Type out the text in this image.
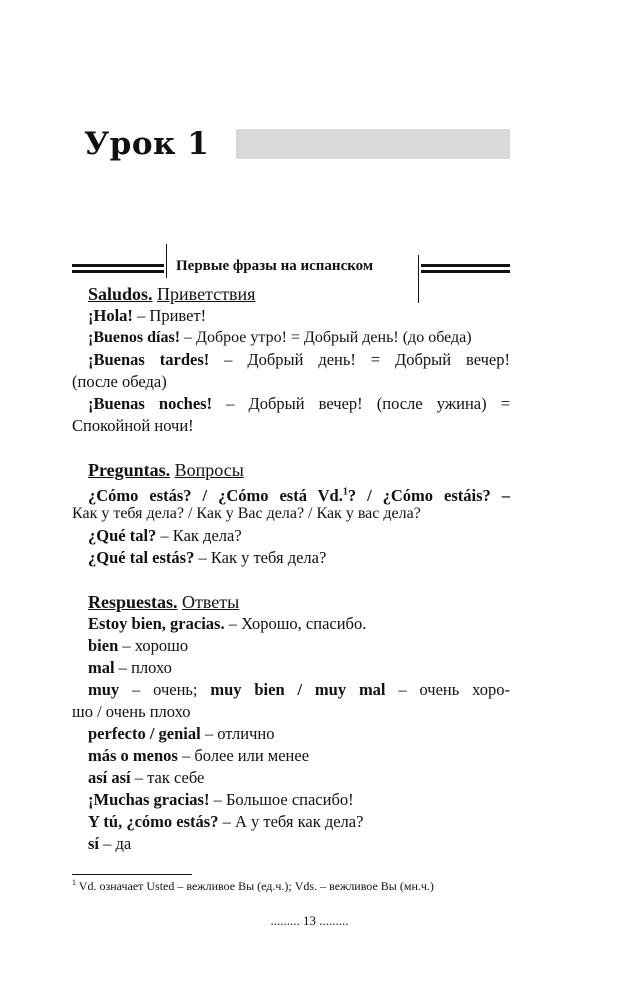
Урок 1
Первые фразы на испанском
Saludos. Приветствия
¡Hola! – Привет!
¡Buenos días! – Доброе утро! = Добрый день! (до обеда)
¡Buenas tardes! – Добрый день! = Добрый вечер!
(после обеда)
¡Buenas noches! – Добрый вечер! (после ужина) =
Спокойной ночи!
Preguntas. Вопросы
¿Cómo estás? / ¿Cómo está Vd.$^1$? / ¿Cómo estáis? –
Как у тебя дела? / Как у Вас дела? / Как у вас дела?
¿Qué tal? – Как дела?
¿Qué tal estás? – Как у тебя дела?
Respuestas. Ответы
Estoy bien, gracias. – Хорошо, спасибо.
bien – хорошо
mal – плохо
muy – очень; muy bien / muy mal – очень хоро-
шо / очень плохо
perfecto / genial – отлично
más o menos – более или менее
así así – так себе
¡Muchas gracias! – Большое спасибо!
Y tú, ¿cómo estás? – А у тебя как дела?
sí – да
$^1$ Vd. означает Usted – вежливое Вы (ед.ч.); Vds. – вежливое Вы (мн.ч.)
......... 13 .........
